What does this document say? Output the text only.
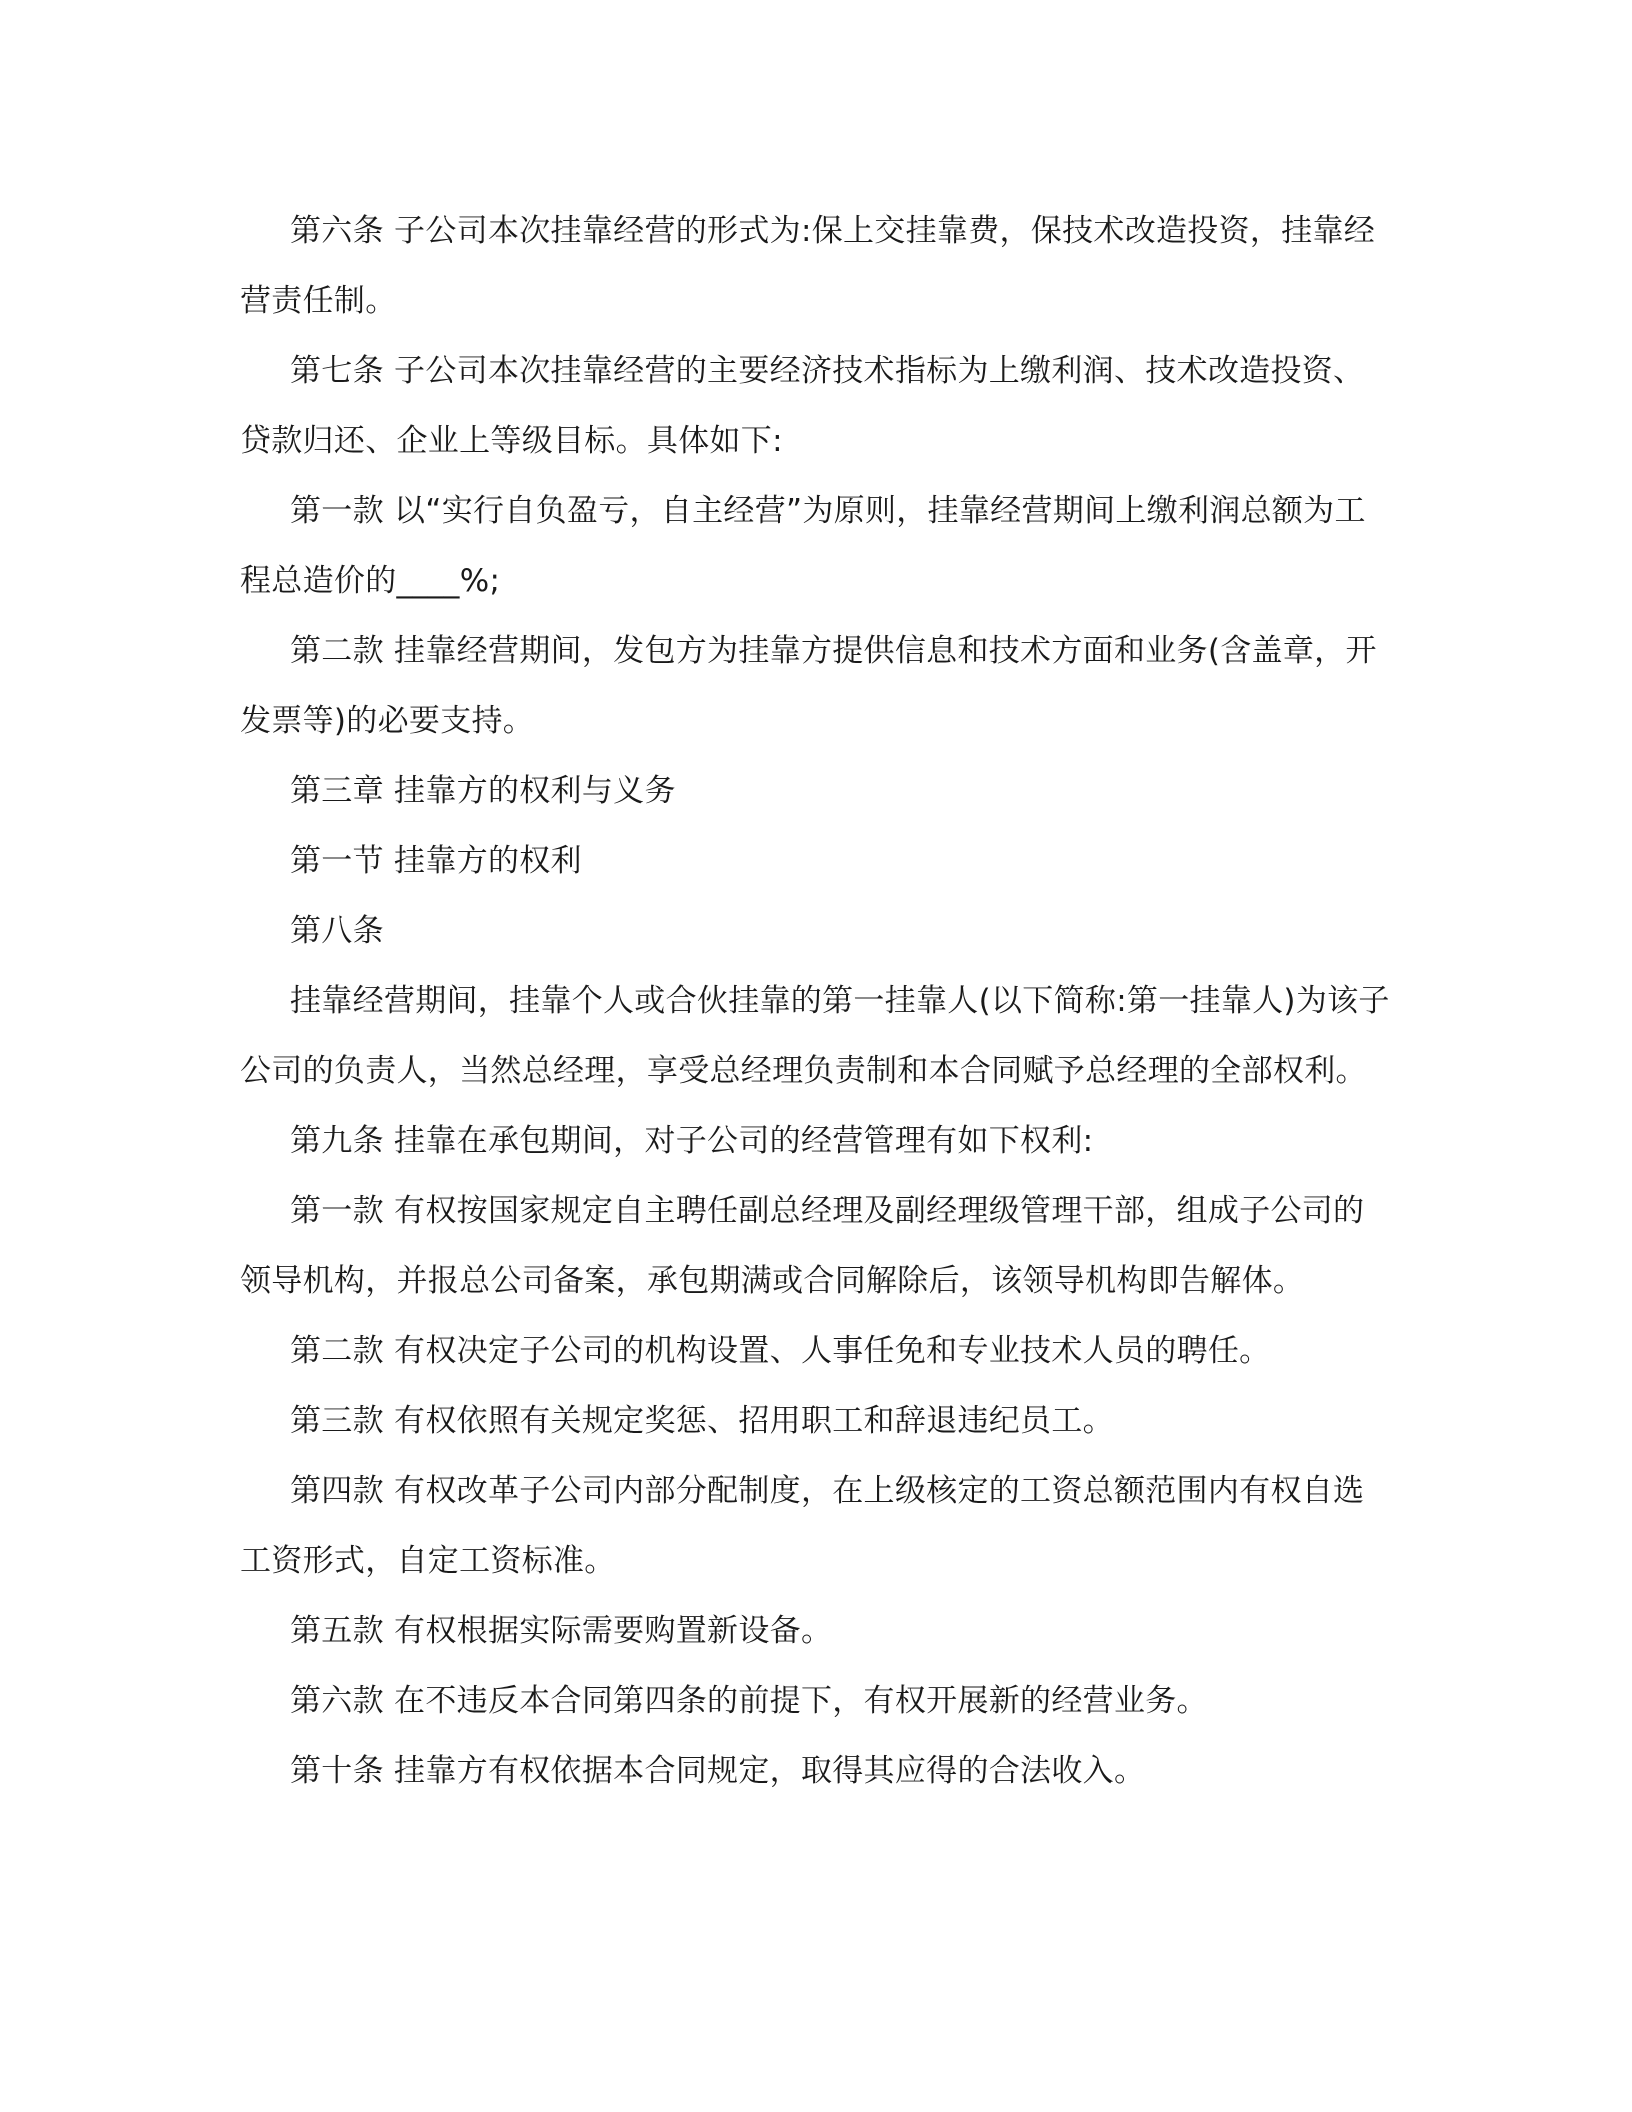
第六条 子公司本次挂靠经营的形式为:保上交挂靠费，保技术改造投资，挂靠经营责任制。

第七条 子公司本次挂靠经营的主要经济技术指标为上缴利润、技术改造投资、贷款归还、企业上等级目标。具体如下:

第一款 以“实行自负盈亏，自主经营”为原则，挂靠经营期间上缴利润总额为工程总造价的____%;

第二款 挂靠经营期间，发包方为挂靠方提供信息和技术方面和业务(含盖章，开发票等)的必要支持。

第三章 挂靠方的权利与义务

第一节 挂靠方的权利

第八条

挂靠经营期间，挂靠个人或合伙挂靠的第一挂靠人(以下简称:第一挂靠人)为该子公司的负责人，当然总经理，享受总经理负责制和本合同赋予总经理的全部权利。

第九条 挂靠在承包期间，对子公司的经营管理有如下权利:

第一款 有权按国家规定自主聘任副总经理及副经理级管理干部，组成子公司的领导机构，并报总公司备案，承包期满或合同解除后，该领导机构即告解体。

第二款 有权决定子公司的机构设置、人事任免和专业技术人员的聘任。

第三款 有权依照有关规定奖惩、招用职工和辞退违纪员工。

第四款 有权改革子公司内部分配制度，在上级核定的工资总额范围内有权自选工资形式，自定工资标准。

第五款 有权根据实际需要购置新设备。

第六款 在不违反本合同第四条的前提下，有权开展新的经营业务。

第十条 挂靠方有权依据本合同规定，取得其应得的合法收入。
